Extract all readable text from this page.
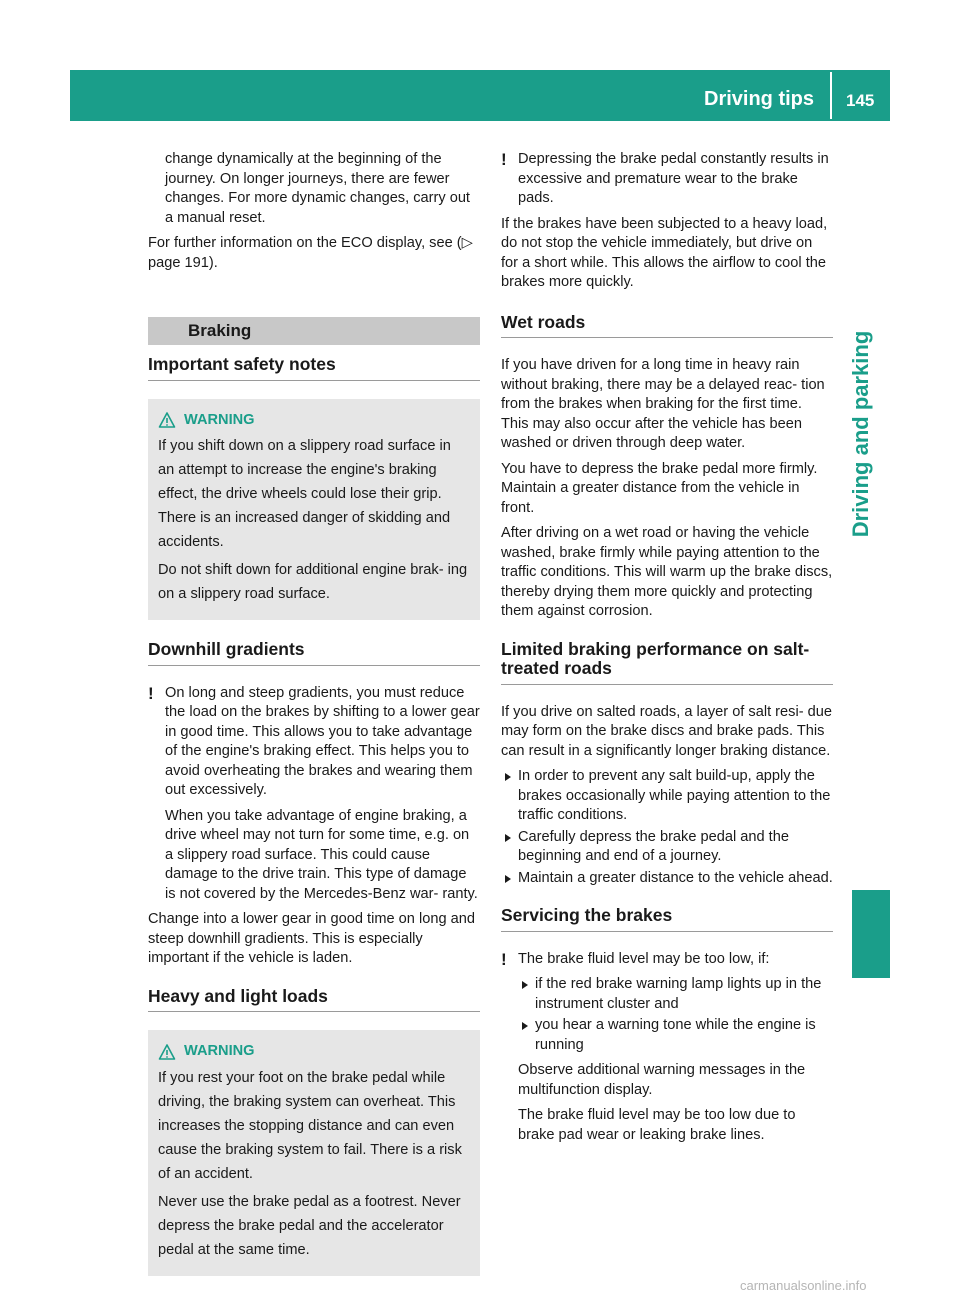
Driving tips 145
Driving and parking

change dynamically at the beginning of the journey. On longer journeys, there are fewer changes. For more dynamic changes, carry out a manual reset.

For further information on the ECO display, see (▷ page 191).

Braking
Important safety notes
WARNING

If you shift down on a slippery road surface in an attempt to increase the engine's braking effect, the drive wheels could lose their grip. There is an increased danger of skidding and accidents.

Do not shift down for additional engine brak- ing on a slippery road surface.

Downhill gradients
! On long and steep gradients, you must reduce the load on the brakes by shifting to a lower gear in good time. This allows you to take advantage of the engine's braking effect. This helps you to avoid overheating the brakes and wearing them out excessively.

When you take advantage of engine braking, a drive wheel may not turn for some time, e.g. on a slippery road surface. This could cause damage to the drive train. This type of damage is not covered by the Mercedes-Benz war- ranty.

Change into a lower gear in good time on long and steep downhill gradients. This is especially important if the vehicle is laden.

Heavy and light loads
WARNING

If you rest your foot on the brake pedal while driving, the braking system can overheat. This increases the stopping distance and can even cause the braking system to fail. There is a risk of an accident.

Never use the brake pedal as a footrest. Never depress the brake pedal and the accelerator pedal at the same time.

! Depressing the brake pedal constantly results in excessive and premature wear to the brake pads.

If the brakes have been subjected to a heavy load, do not stop the vehicle immediately, but drive on for a short while. This allows the airflow to cool the brakes more quickly.

Wet roads

If you have driven for a long time in heavy rain without braking, there may be a delayed reac- tion from the brakes when braking for the first time. This may also occur after the vehicle has been washed or driven through deep water.

You have to depress the brake pedal more firmly. Maintain a greater distance from the vehicle in front.

After driving on a wet road or having the vehicle washed, brake firmly while paying attention to the traffic conditions. This will warm up the brake discs, thereby drying them more quickly and protecting them against corrosion.

Limited braking performance on salt- treated roads

If you drive on salted roads, a layer of salt resi- due may form on the brake discs and brake pads. This can result in a significantly longer braking distance.

In order to prevent any salt build-up, apply the brakes occasionally while paying attention to the traffic conditions.
Carefully depress the brake pedal and the beginning and end of a journey.
Maintain a greater distance to the vehicle ahead.
Servicing the brakes
! The brake fluid level may be too low, if:

if the red brake warning lamp lights up in the instrument cluster and
you hear a warning tone while the engine is running

Observe additional warning messages in the multifunction display.

The brake fluid level may be too low due to brake pad wear or leaking brake lines.

carmanualsonline.info
